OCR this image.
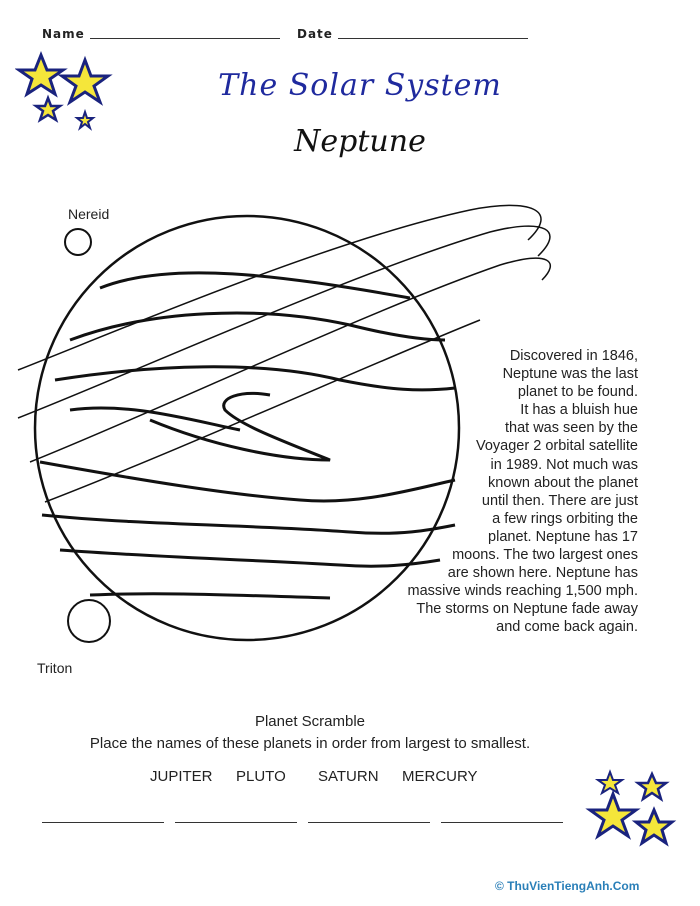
Name	Date
The Solar System
Neptune
Nereid
Triton

Discovered in 1846,

Neptune was the last

planet to be found.

It has a bluish hue

that was seen by the

Voyager 2 orbital satellite

in 1989. Not much was

known about the planet

until then. There are just

a few rings orbiting the

planet. Neptune has 17

moons. The two largest ones

are shown here. Neptune has

massive winds reaching 1,500 mph.

The storms on Neptune fade away

and come back again.

Planet Scramble
Place the names of these planets in order from largest to smallest.
JUPITER PLUTO SATURN MERCURY
© ThuVienTiengAnh.Com
